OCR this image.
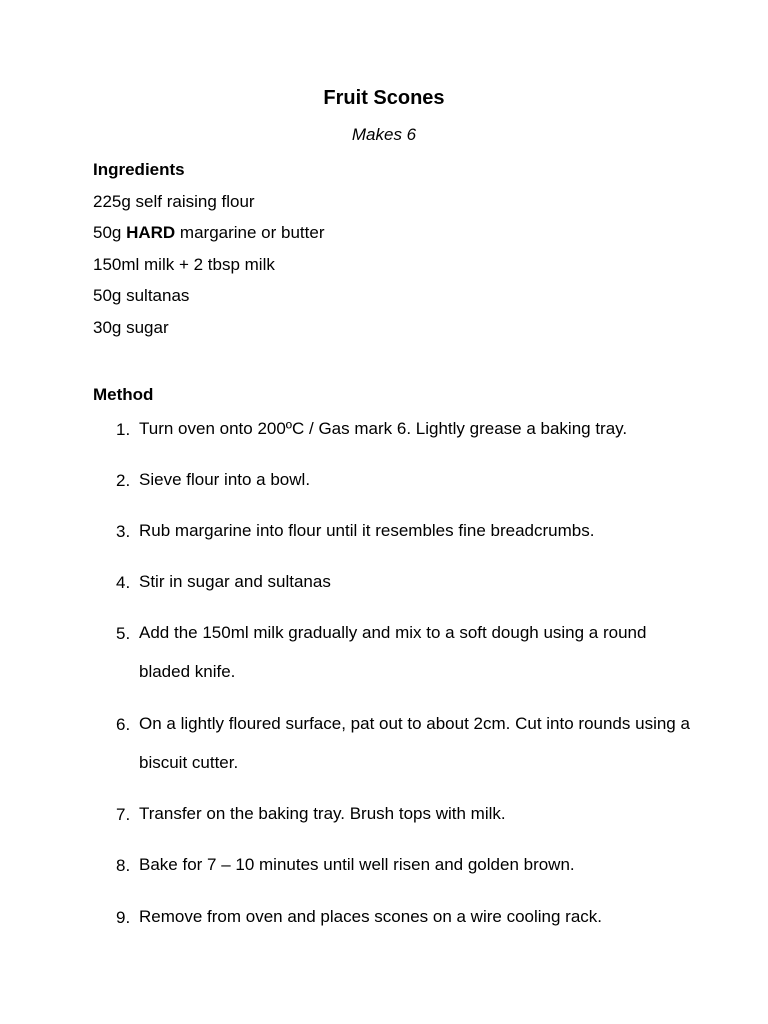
Fruit Scones
Makes 6
Ingredients
225g self raising flour
50g HARD margarine or butter
150ml milk + 2 tbsp milk
50g sultanas
30g sugar
Method
1. Turn oven onto 200ºC / Gas mark 6. Lightly grease a baking tray.
2. Sieve flour into a bowl.
3. Rub margarine into flour until it resembles fine breadcrumbs.
4. Stir in sugar and sultanas
5. Add the 150ml milk gradually and mix to a soft dough using a round bladed knife.
6. On a lightly floured surface, pat out to about 2cm. Cut into rounds using a biscuit cutter.
7. Transfer on the baking tray. Brush tops with milk.
8. Bake for 7 – 10 minutes until well risen and golden brown.
9. Remove from oven and places scones on a wire cooling rack.
